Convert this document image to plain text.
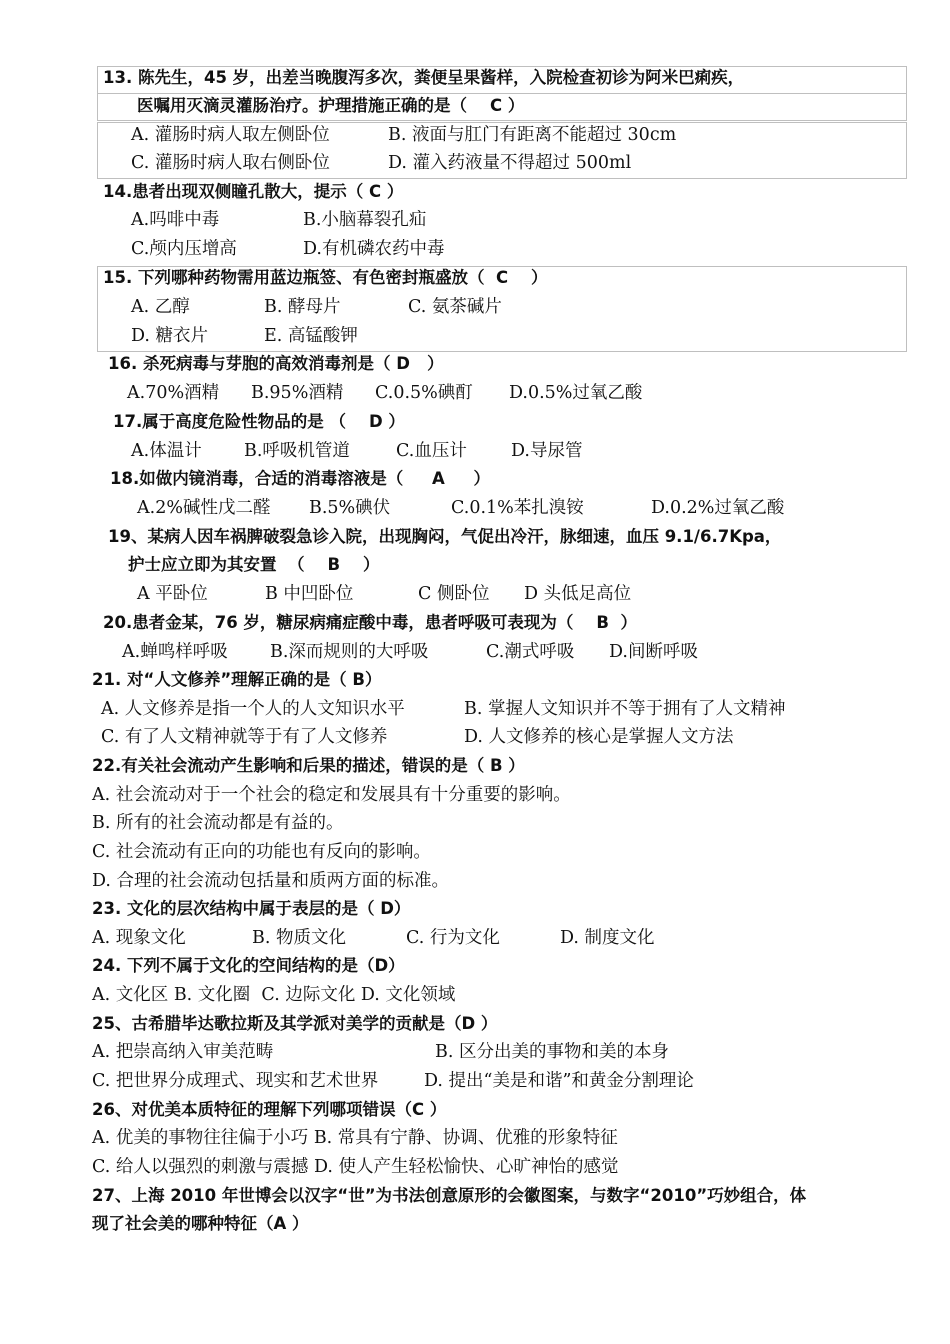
13. 陈先生，45 岁，出差当晚腹泻多次，粪便呈果酱样，入院检查初诊为阿米巴痢疾，
医嘱用灭滴灵灌肠治疗。护理措施正确的是（    C ）
A. 灌肠时病人取左侧卧位	B. 液面与肛门有距离不能超过 30cm
C. 灌肠时病人取右侧卧位	D. 灌入药液量不得超过 500ml
14.患者出现双侧瞳孔散大，提示（ C ）
A.吗啡中毒	B.小脑幕裂孔疝
C.颅内压增高	D.有机磷农药中毒
15. 下列哪种药物需用蓝边瓶签、有色密封瓶盛放（  C    ）
A. 乙醇	B. 酵母片	C. 氨茶碱片
D. 糖衣片	E. 高锰酸钾
16. 杀死病毒与芽胞的高效消毒剂是（ D   ）
A.70%酒精 B.95%酒精 C.0.5%碘酊 D.0.5%过氧乙酸
17.属于高度危险性物品的是 （    D ）
A.体温计 B.呼吸机管道	C.血压计	D.导尿管
18.如做内镜消毒，合适的消毒溶液是（     A     ）
A.2%碱性戊二醛 B.5%碘伏	C.0.1%苯扎溴铵	D.0.2%过氧乙酸
19、某病人因车祸脾破裂急诊入院，出现胸闷，气促出冷汗，脉细速，血压 9.1/6.7Kpa，
护士应立即为其安置  （    B    ）
A 平卧位	B 中凹卧位	C 侧卧位 D 头低足高位
20.患者金某，76 岁，糖尿病痛症酸中毒，患者呼吸可表现为（    B  ）
A.蝉鸣样呼吸 B.深而规则的大呼吸	C.潮式呼吸 D.间断呼吸
21. 对“人文修养”理解正确的是（ B）
A. 人文修养是指一个人的人文知识水平	B. 掌握人文知识并不等于拥有了人文精神
C. 有了人文精神就等于有了人文修养	D. 人文修养的核心是掌握人文方法
22.有关社会流动产生影响和后果的描述，错误的是（ B ）
A. 社会流动对于一个社会的稳定和发展具有十分重要的影响。
B. 所有的社会流动都是有益的。
C. 社会流动有正向的功能也有反向的影响。
D. 合理的社会流动包括量和质两方面的标准。
23. 文化的层次结构中属于表层的是（ D）
A. 现象文化	B. 物质文化	C. 行为文化	D. 制度文化
24. 下列不属于文化的空间结构的是（D）
A. 文化区 B. 文化圈  C. 边际文化 D. 文化领域
25、古希腊毕达歌拉斯及其学派对美学的贡献是（D ）
A. 把崇高纳入审美范畴	B. 区分出美的事物和美的本身
C. 把世界分成理式、现实和艺术世界	D. 提出“美是和谐”和黄金分割理论
26、对优美本质特征的理解下列哪项错误（C ）
A. 优美的事物往往偏于小巧 B. 常具有宁静、协调、优雅的形象特征
C. 给人以强烈的刺激与震撼 D. 使人产生轻松愉快、心旷神怡的感觉
27、上海 2010 年世博会以汉字“世”为书法创意原形的会徽图案，与数字“2010”巧妙组合，体
现了社会美的哪种特征（A ）
